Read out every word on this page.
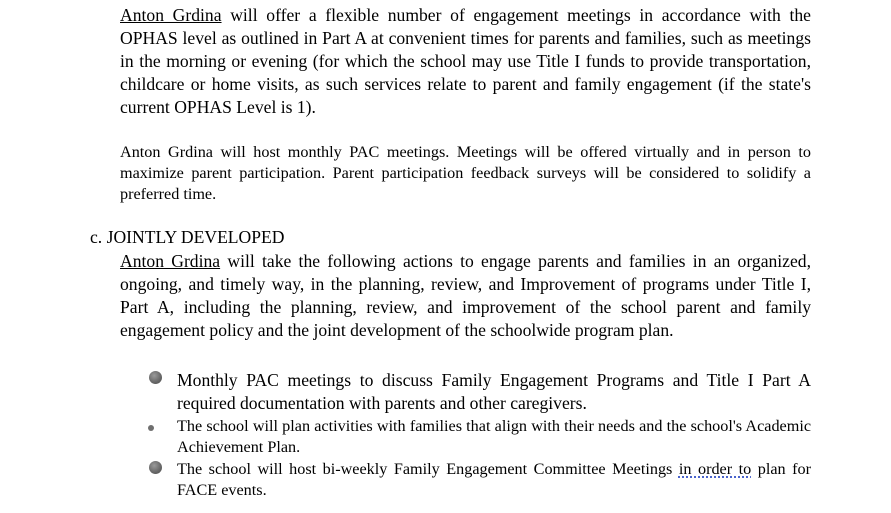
Anton Grdina will offer a flexible number of engagement meetings in accordance with the OPHAS level as outlined in Part A at convenient times for parents and families, such as meetings in the morning or evening (for which the school may use Title I funds to provide transportation, childcare or home visits, as such services relate to parent and family engagement (if the state's current OPHAS Level is 1).

Anton Grdina will host monthly PAC meetings. Meetings will be offered virtually and in person to maximize parent participation. Parent participation feedback surveys will be considered to solidify a preferred time.

c. JOINTLY DEVELOPED

Anton Grdina will take the following actions to engage parents and families in an organized, ongoing, and timely way, in the planning, review, and Improvement of programs under Title I, Part A, including the planning, review, and improvement of the school parent and family engagement policy and the joint development of the schoolwide program plan.

Monthly PAC meetings to discuss Family Engagement Programs and Title I Part A required documentation with parents and other caregivers.

The school will plan activities with families that align with their needs and the school's Academic Achievement Plan.

The school will host bi-weekly Family Engagement Committee Meetings in order to plan for FACE events.
